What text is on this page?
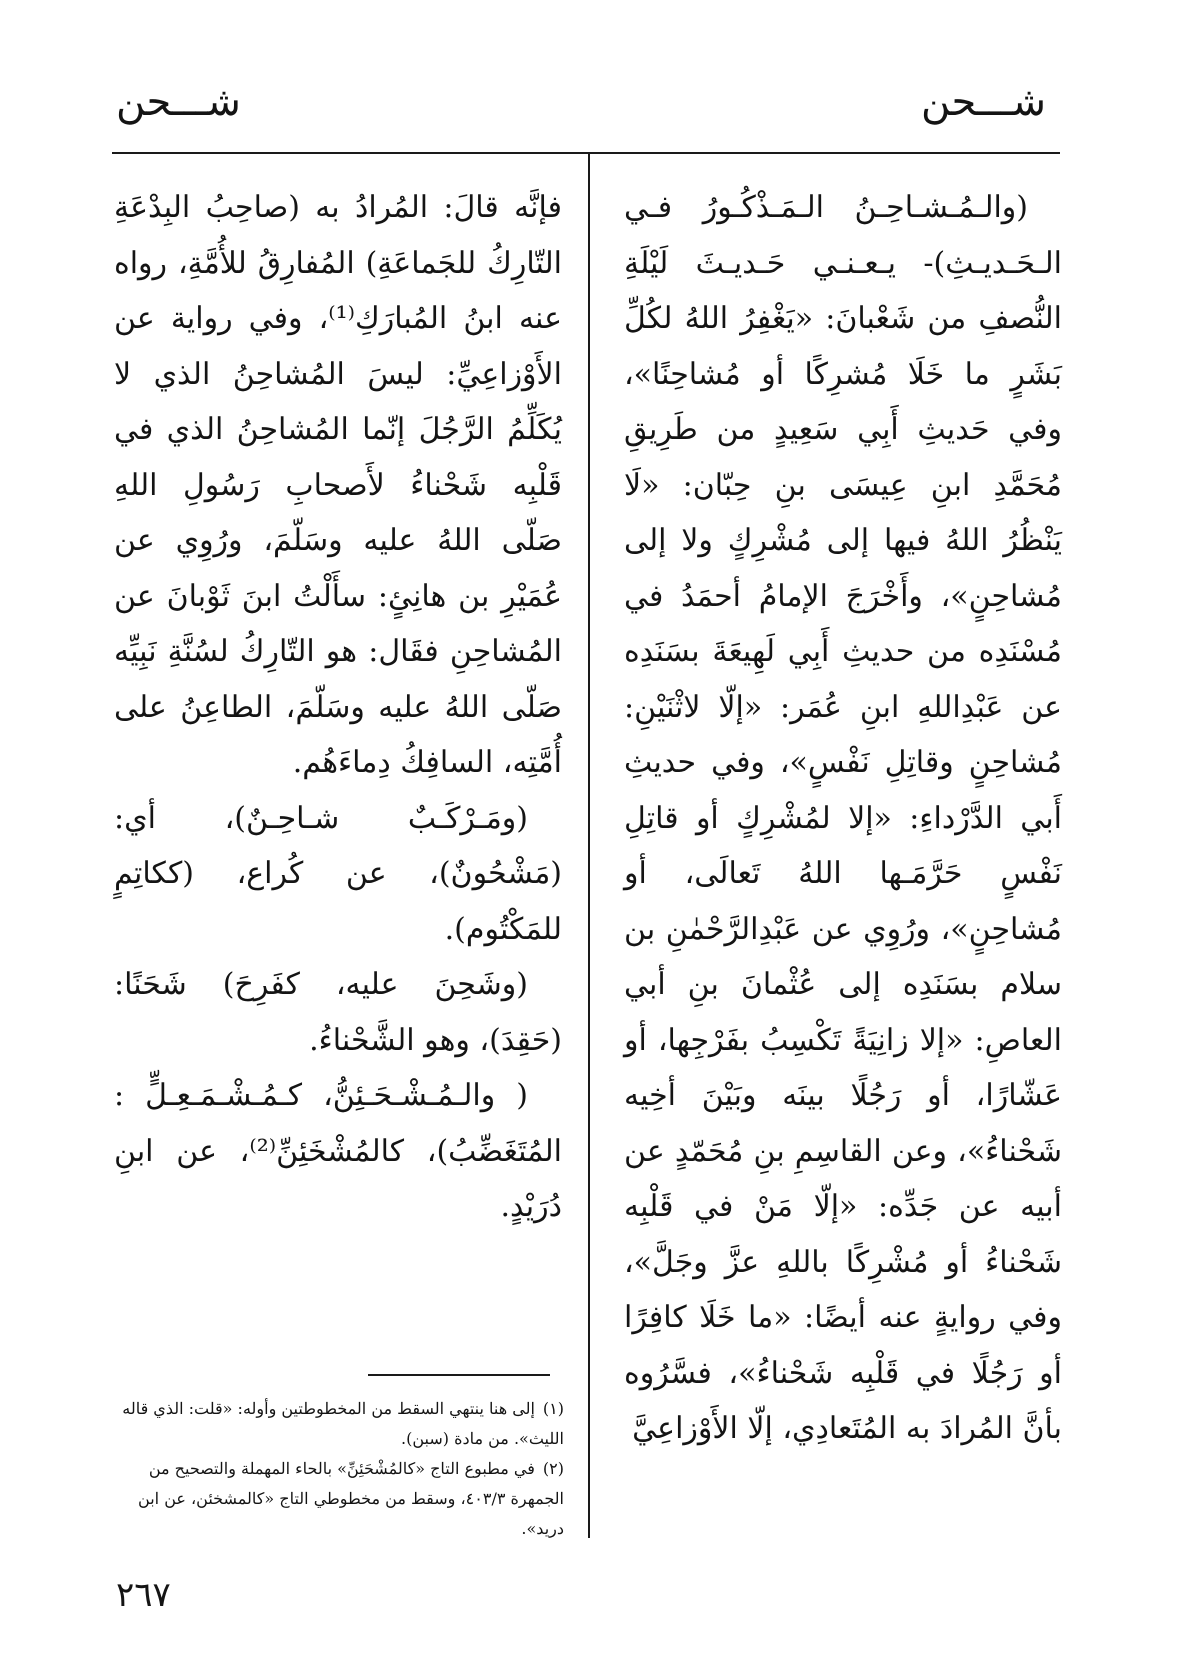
شـــحن
شـــحن

(والـمُـشـاحِـنُ الـمَـذْكُـورُ فـي الـحَـديـثِ)- يـعـنـي حَـديـثَ لَيْلَةِ النُّصفِ من شَعْبانَ: «يَغْفِرُ اللهُ لكُلِّ بَشَرٍ ما خَلَا مُشرِكًا أو مُشاحِنًا»، وفي حَديثِ أَبِي سَعِيدٍ من طَرِيقِ مُحَمَّدِ ابنِ عِيسَى بنِ حِبّان: «لَا يَنْظُرُ اللهُ فيها إلى مُشْرِكٍ ولا إلى مُشاحِنٍ»، وأَخْرَجَ الإمامُ أحمَدُ في مُسْنَدِه من حديثِ أَبِي لَهِيعَةَ بسَنَدِه عن عَبْدِاللهِ ابنِ عُمَر: «إلّا لاثْنَيْنِ: مُشاحِنٍ وقاتِلِ نَفْسٍ»، وفي حديثِ أَبي الدَّرْداءِ: «إلا لمُشْرِكٍ أو قاتِلِ نَفْسٍ حَرَّمَـها اللهُ تَعالَى، أو مُشاحِنٍ»، ورُوِي عن عَبْدِالرَّحْمٰنِ بن سلام بسَنَدِه إلى عُثْمانَ بنِ أبي العاصِ: «إلا زانِيَةً تَكْسِبُ بفَرْجِها، أو عَشّارًا، أو رَجُلًا بينَه وبَيْنَ أخِيه شَحْناءُ»، وعن القاسِمِ بنِ مُحَمّدٍ عن أبيه عن جَدِّه: «إلّا مَنْ في قَلْبِه شَحْناءُ أو مُشْرِكًا باللهِ عزَّ وجَلَّ»، وفي روايةٍ عنه أيضًا: «ما خَلَا كافِرًا أو رَجُلًا في قَلْبِه شَحْناءُ»، فسَّرُوه بأنَّ المُرادَ به المُتَعادِي، إلّا الأَوْزاعِيَّ

فإنَّه قالَ: المُرادُ به (صاحِبُ البِدْعَةِ التّارِكُ للجَماعَةِ) المُفارِقُ للأُمَّةِ، رواه عنه ابنُ المُبارَكِ⁽¹⁾، وفي رواية عن الأَوْزاعِيِّ: ليسَ المُشاحِنُ الذي لا يُكَلِّمُ الرَّجُلَ إنّما المُشاحِنُ الذي في قَلْبِه شَحْناءُ لأَصحابِ رَسُولِ اللهِ صَلّى اللهُ عليه وسَلّمَ، ورُوِي عن عُمَيْرِ بن هانِئٍ: سأَلْتُ ابنَ ثَوْبانَ عن المُشاحِنِ فقَال: هو التّارِكُ لسُنَّةِ نَبِيِّه صَلّى اللهُ عليه وسَلّمَ، الطاعِنُ على أُمَّتِه، السافِكُ دِماءَهُم.

(ومَـرْكَـبٌ شـاحِـنٌ)، أي: (مَشْحُونٌ)، عن كُراع، (ككاتِمٍ للمَكْتُوم).

(وشَحِنَ عليه، كفَرِحَ) شَحَنًا: (حَقِدَ)، وهو الشَّحْناءُ.

( والـمُـشْـحَـئِنُّ، كـمُـشْـمَـعِـلٍّ : المُتَغَضِّبُ)، كالمُشْخَئِنِّ⁽²⁾، عن ابنِ دُرَيْدٍ.

(١)إلى هنا ينتهي السقط من المخطوطتين وأوله: «قلت: الذي قاله الليث». من مادة (سبن).

(٢)في مطبوع التاج «كالمُشْحَئِنِّ» بالحاء المهملة والتصحيح من الجمهرة ٤٠٣/٣، وسقط من مخطوطي التاج «كالمشخئن، عن ابن دريد».

٢٦٧
